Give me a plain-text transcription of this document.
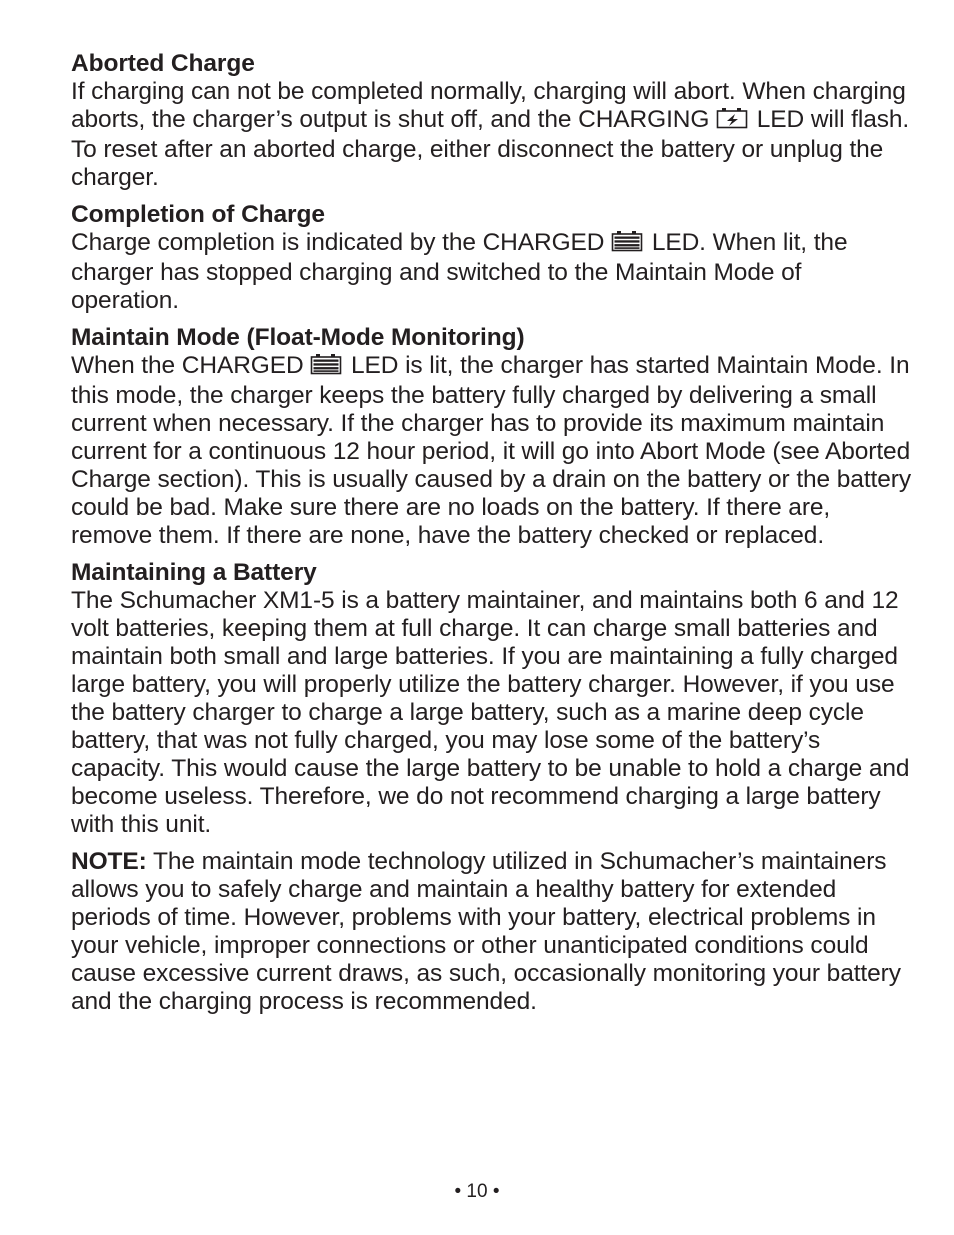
Aborted Charge
If charging can not be completed normally, charging will abort. When charging aborts, the charger’s output is shut off, and the CHARGING  LED will flash. To reset after an aborted charge, either disconnect the battery or unplug the charger.
Completion of Charge
Charge completion is indicated by the CHARGED  LED. When lit, the charger has stopped charging and switched to the Maintain Mode of operation.
Maintain Mode (Float-Mode Monitoring)
When the CHARGED  LED is lit, the charger has started Maintain Mode. In this mode, the charger keeps the battery fully charged by delivering a small current when necessary. If the charger has to provide its maximum maintain current for a continuous 12 hour period, it will go into Abort Mode (see Aborted Charge section). This is usually caused by a drain on the battery or the battery could be bad. Make sure there are no loads on the battery. If there are, remove them. If there are none, have the battery checked or replaced.
Maintaining a Battery
The Schumacher XM1-5 is a battery maintainer, and maintains both 6 and 12 volt batteries, keeping them at full charge. It can charge small batteries and maintain both small and large batteries. If you are maintaining a fully charged large battery, you will properly utilize the battery charger. However, if you use the battery charger to charge a large battery, such as a marine deep cycle battery, that was not fully charged, you may lose some of the battery’s capacity. This would cause the large battery to be unable to hold a charge and become useless. Therefore, we do not recommend charging a large battery with this unit.
NOTE: The maintain mode technology utilized in Schumacher’s maintainers allows you to safely charge and maintain a healthy battery for extended periods of time. However, problems with your battery, electrical problems in your vehicle, improper connections or other unanticipated conditions could cause excessive current draws, as such, occasionally monitoring your battery and the charging process is recommended.
• 10 •
